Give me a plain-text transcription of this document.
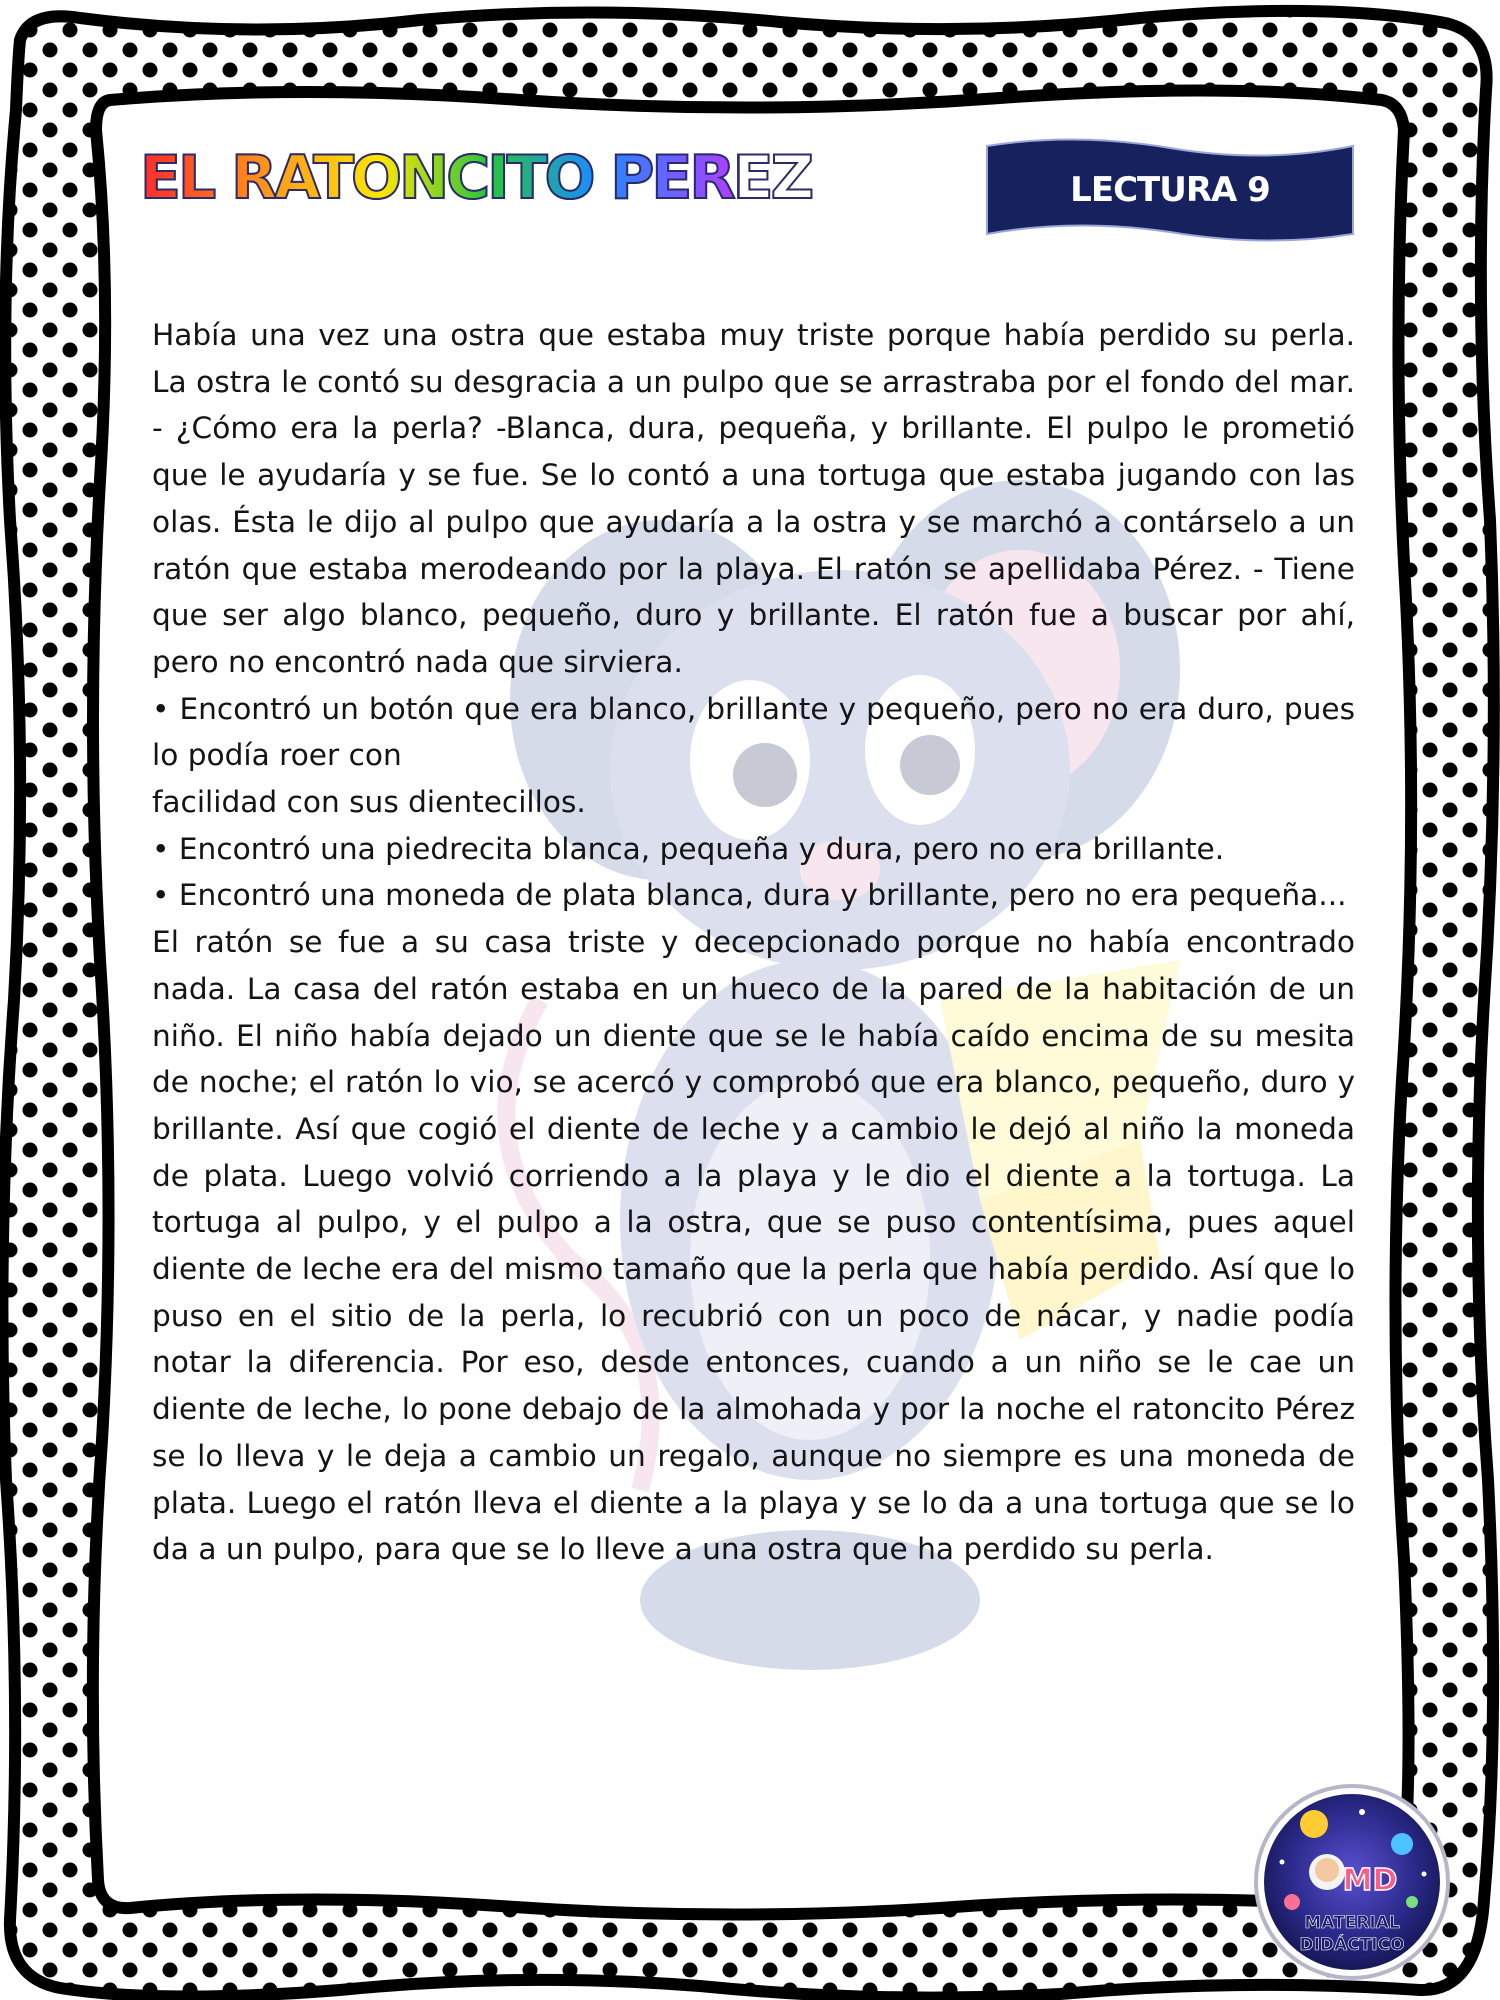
EL RATONCITO PEREZ	LECTURA 9

Había una vez una ostra que estaba muy triste porque había perdido su perla. La ostra le contó su desgracia a un pulpo que se arrastraba por el fondo del mar. - ¿Cómo era la perla? -Blanca, dura, pequeña, y brillante. El pulpo le prometió que le ayudaría y se fue. Se lo contó a una tortuga que estaba jugando con las olas. Ésta le dijo al pulpo que ayudaría a la ostra y se marchó a contárselo a un ratón que estaba merodeando por la playa. El ratón se apellidaba Pérez. - Tiene que ser algo blanco, pequeño, duro y brillante. El ratón fue a buscar por ahí, pero no encontró nada que sirviera.

• Encontró un botón que era blanco, brillante y pequeño, pero no era duro, pues lo podía roer con

facilidad con sus dientecillos.

• Encontró una piedrecita blanca, pequeña y dura, pero no era brillante.

• Encontró una moneda de plata blanca, dura y brillante, pero no era pequeña...

El ratón se fue a su casa triste y decepcionado porque no había encontrado nada. La casa del ratón estaba en un hueco de la pared de la habitación de un niño. El niño había dejado un diente que se le había caído encima de su mesita de noche; el ratón lo vio, se acercó y comprobó que era blanco, pequeño, duro y brillante. Así que cogió el diente de leche y a cambio le dejó al niño la moneda de plata. Luego volvió corriendo a la playa y le dio el diente a la tortuga. La tortuga al pulpo, y el pulpo a la ostra, que se puso contentísima, pues aquel diente de leche era del mismo tamaño que la perla que había perdido. Así que lo puso en el sitio de la perla, lo recubrió con un poco de nácar, y nadie podía notar la diferencia. Por eso, desde entonces, cuando a un niño se le cae un diente de leche, lo pone debajo de la almohada y por la noche el ratoncito Pérez se lo lleva y le deja a cambio un regalo, aunque no siempre es una moneda de plata. Luego el ratón lleva el diente a la playa y se lo da a una tortuga que se lo da a un pulpo, para que se lo lleve a una ostra que ha perdido su perla.

MD
MATERIAL
DIDÁCTICO
